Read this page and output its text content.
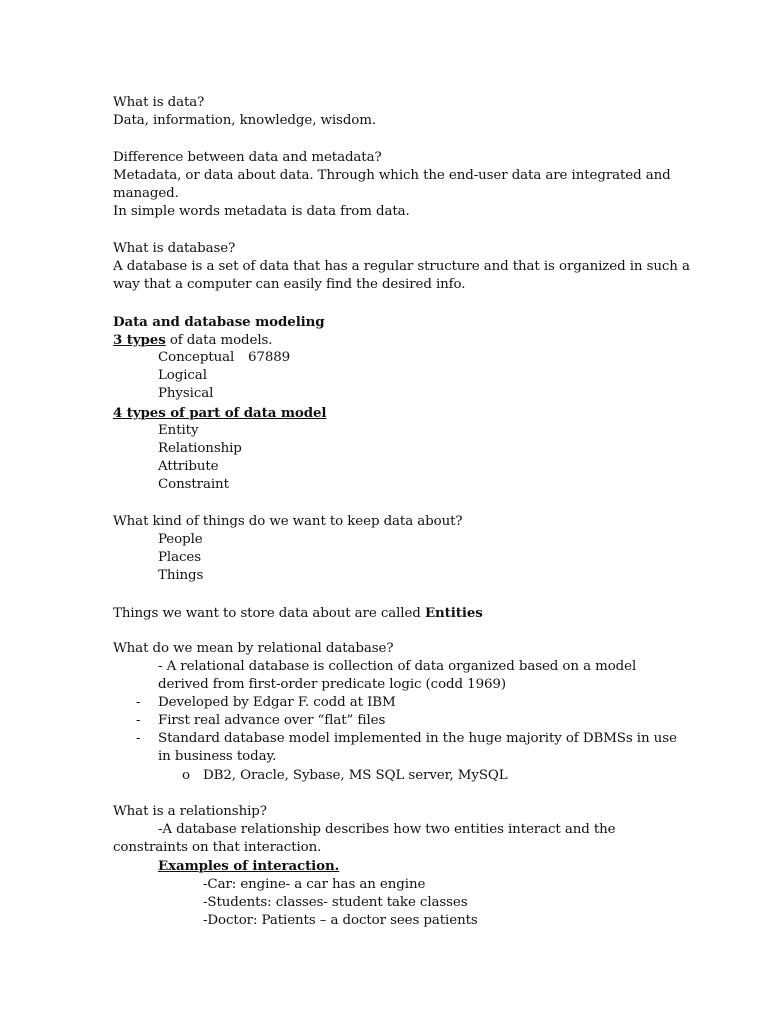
What is data?
Data, information, knowledge, wisdom.
Difference between data and metadata?
Metadata, or data about data. Through which the end-user data are integrated and
managed.
In simple words metadata is data from data.
What is database?
A database is a set of data that has a regular structure and that is organized in such a
way that a computer can easily find the desired info.
Data and database modeling
3 types of data models.
Conceptual 67889
Logical
Physical
4 types of part of data model
Entity
Relationship
Attribute
Constraint
What kind of things do we want to keep data about?
People
Places
Things
Things we want to store data about are called Entities
What do we mean by relational database?
- A relational database is collection of data organized based on a model
derived from first-order predicate logic (codd 1969)
- Developed by Edgar F. codd at IBM
- First real advance over “flat” files
- Standard database model implemented in the huge majority of DBMSs in use
in business today.
o DB2, Oracle, Sybase, MS SQL server, MySQL
What is a relationship?
-A database relationship describes how two entities interact and the
constraints on that interaction.
Examples of interaction.
-Car: engine- a car has an engine
-Students: classes- student take classes
-Doctor: Patients – a doctor sees patients
